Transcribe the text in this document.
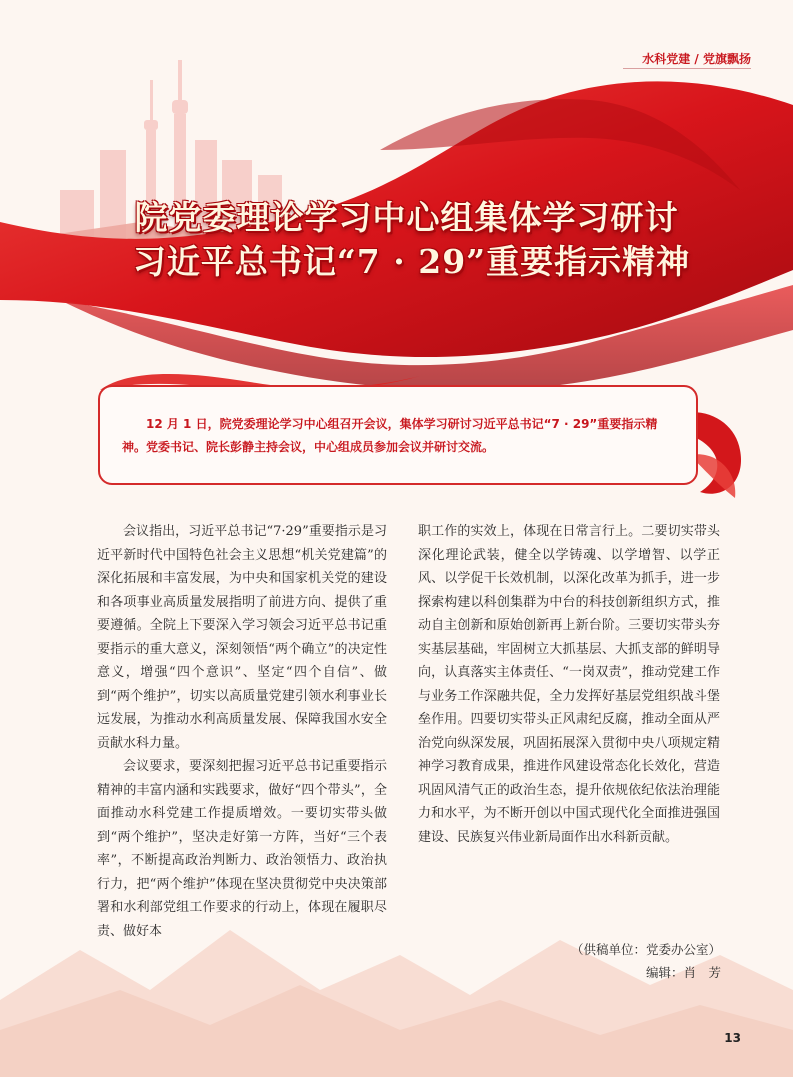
水科党建 / 党旗飘扬
院党委理论学习中心组集体学习研讨
习近平总书记“7 · 29”重要指示精神

12 月 1 日，院党委理论学习中心组召开会议，集体学习研讨习近平总书记“7 · 29”重要指示精神。党委书记、院长彭静主持会议，中心组成员参加会议并研讨交流。

会议指出，习近平总书记“7·29”重要指示是习近平新时代中国特色社会主义思想“机关党建篇”的深化拓展和丰富发展，为中央和国家机关党的建设和各项事业高质量发展指明了前进方向、提供了重要遵循。全院上下要深入学习领会习近平总书记重要指示的重大意义，深刻领悟“两个确立”的决定性意义，增强“四个意识”、坚定“四个自信”、做到“两个维护”，切实以高质量党建引领水利事业长远发展，为推动水利高质量发展、保障我国水安全贡献水科力量。

会议要求，要深刻把握习近平总书记重要指示精神的丰富内涵和实践要求，做好“四个带头”，全面推动水科党建工作提质增效。一要切实带头做到“两个维护”，坚决走好第一方阵，当好“三个表率”，不断提高政治判断力、政治领悟力、政治执行力，把“两个维护”体现在坚决贯彻党中央决策部署和水利部党组工作要求的行动上，体现在履职尽责、做好本

职工作的实效上，体现在日常言行上。二要切实带头深化理论武装，健全以学铸魂、以学增智、以学正风、以学促干长效机制，以深化改革为抓手，进一步探索构建以科创集群为中台的科技创新组织方式，推动自主创新和原始创新再上新台阶。三要切实带头夯实基层基础，牢固树立大抓基层、大抓支部的鲜明导向，认真落实主体责任、“一岗双责”，推动党建工作与业务工作深融共促，全力发挥好基层党组织战斗堡垒作用。四要切实带头正风肃纪反腐，推动全面从严治党向纵深发展，巩固拓展深入贯彻中央八项规定精神学习教育成果，推进作风建设常态化长效化，营造巩固风清气正的政治生态，提升依规依纪依法治理能力和水平，为不断开创以中国式现代化全面推进强国建设、民族复兴伟业新局面作出水科新贡献。

（供稿单位：党委办公室）
编辑：肖　芳
13
